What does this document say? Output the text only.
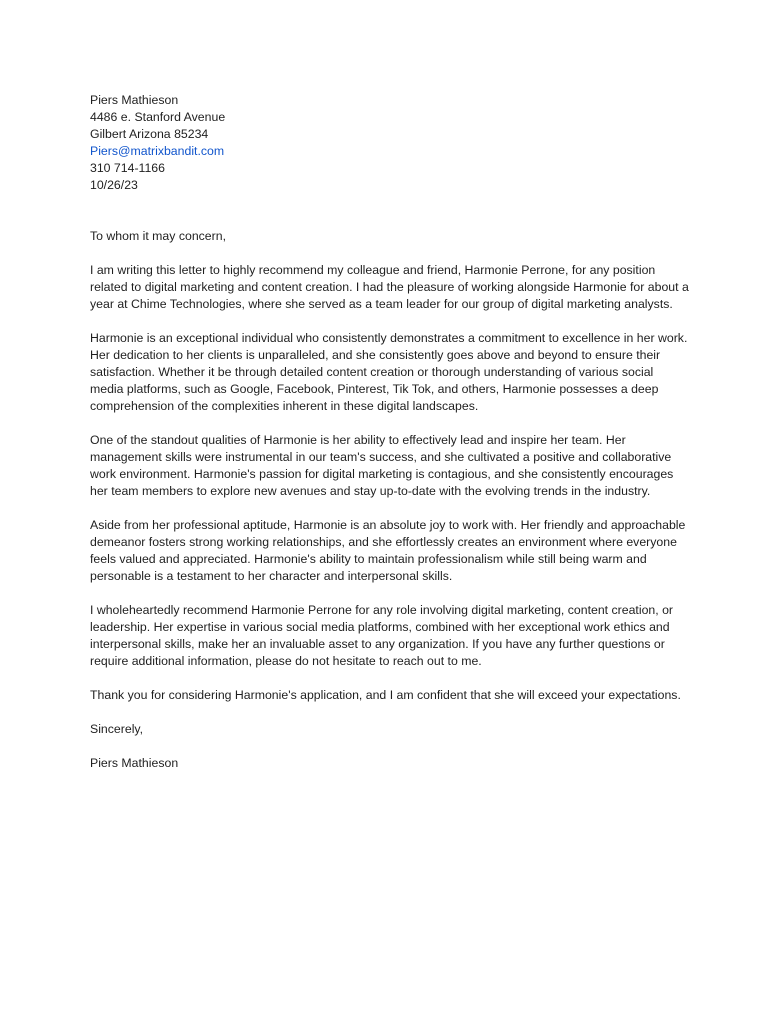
Piers Mathieson
4486 e. Stanford Avenue
Gilbert Arizona 85234
Piers@matrixbandit.com
310 714-1166
10/26/23
To whom it may concern,

I am writing this letter to highly recommend my colleague and friend, Harmonie Perrone, for any position related to digital marketing and content creation. I had the pleasure of working alongside Harmonie for about a year at Chime Technologies, where she served as a team leader for our group of digital marketing analysts.

Harmonie is an exceptional individual who consistently demonstrates a commitment to excellence in her work. Her dedication to her clients is unparalleled, and she consistently goes above and beyond to ensure their satisfaction. Whether it be through detailed content creation or thorough understanding of various social media platforms, such as Google, Facebook, Pinterest, Tik Tok, and others, Harmonie possesses a deep comprehension of the complexities inherent in these digital landscapes.

One of the standout qualities of Harmonie is her ability to effectively lead and inspire her team. Her management skills were instrumental in our team's success, and she cultivated a positive and collaborative work environment. Harmonie's passion for digital marketing is contagious, and she consistently encourages her team members to explore new avenues and stay up-to-date with the evolving trends in the industry.

Aside from her professional aptitude, Harmonie is an absolute joy to work with. Her friendly and approachable demeanor fosters strong working relationships, and she effortlessly creates an environment where everyone feels valued and appreciated. Harmonie's ability to maintain professionalism while still being warm and personable is a testament to her character and interpersonal skills.

I wholeheartedly recommend Harmonie Perrone for any role involving digital marketing, content creation, or leadership. Her expertise in various social media platforms, combined with her exceptional work ethics and interpersonal skills, make her an invaluable asset to any organization. If you have any further questions or require additional information, please do not hesitate to reach out to me.

Thank you for considering Harmonie's application, and I am confident that she will exceed your expectations.

Sincerely,
Piers Mathieson
